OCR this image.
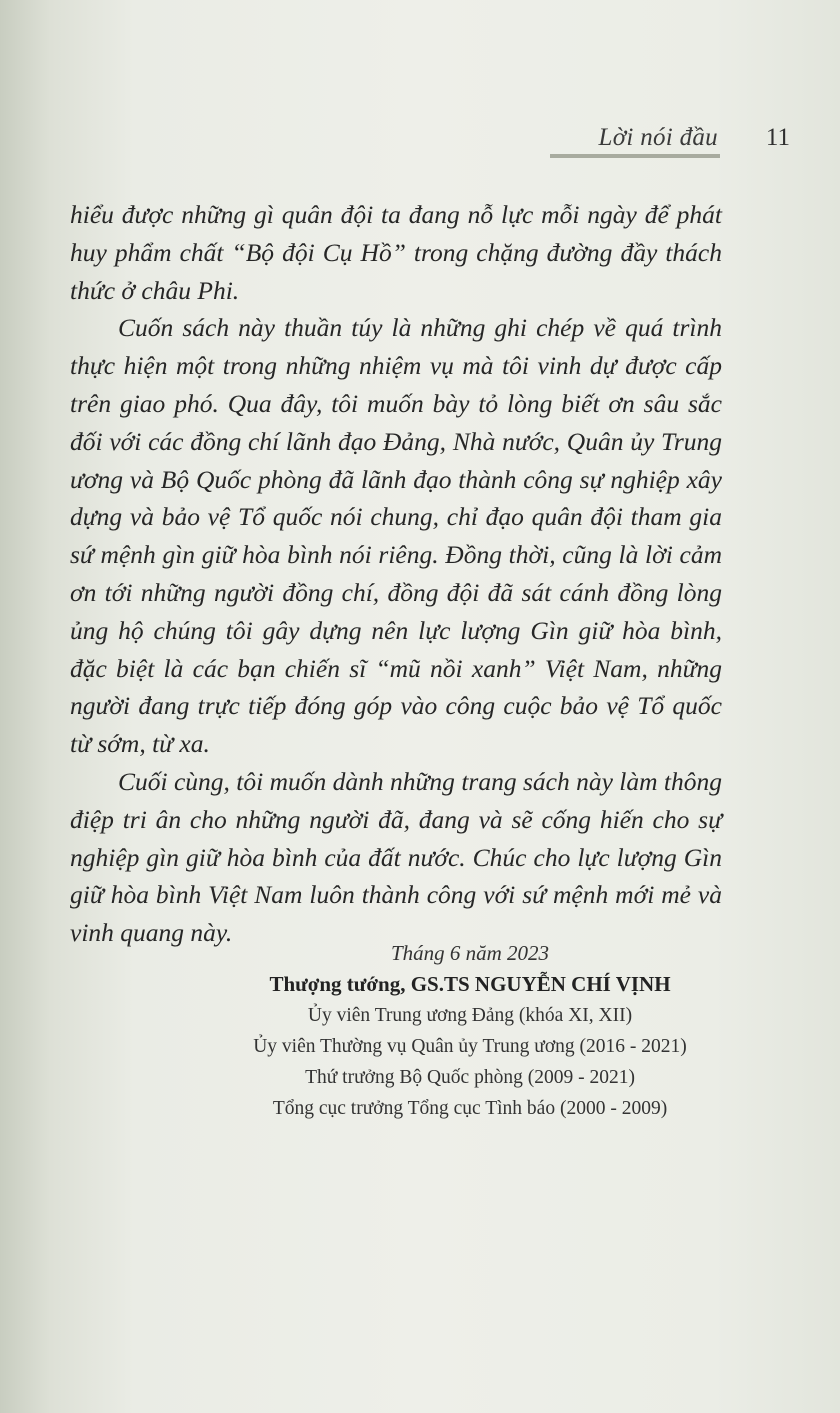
Lời nói đầu 11

hiểu được những gì quân đội ta đang nỗ lực mỗi ngày để phát huy phẩm chất “Bộ đội Cụ Hồ” trong chặng đường đầy thách thức ở châu Phi.

Cuốn sách này thuần túy là những ghi chép về quá trình thực hiện một trong những nhiệm vụ mà tôi vinh dự được cấp trên giao phó. Qua đây, tôi muốn bày tỏ lòng biết ơn sâu sắc đối với các đồng chí lãnh đạo Đảng, Nhà nước, Quân ủy Trung ương và Bộ Quốc phòng đã lãnh đạo thành công sự nghiệp xây dựng và bảo vệ Tổ quốc nói chung, chỉ đạo quân đội tham gia sứ mệnh gìn giữ hòa bình nói riêng. Đồng thời, cũng là lời cảm ơn tới những người đồng chí, đồng đội đã sát cánh đồng lòng ủng hộ chúng tôi gây dựng nên lực lượng Gìn giữ hòa bình, đặc biệt là các bạn chiến sĩ “mũ nồi xanh” Việt Nam, những người đang trực tiếp đóng góp vào công cuộc bảo vệ Tổ quốc từ sớm, từ xa.

Cuối cùng, tôi muốn dành những trang sách này làm thông điệp tri ân cho những người đã, đang và sẽ cống hiến cho sự nghiệp gìn giữ hòa bình của đất nước. Chúc cho lực lượng Gìn giữ hòa bình Việt Nam luôn thành công với sứ mệnh mới mẻ và vinh quang này.

Tháng 6 năm 2023
Thượng tướng, GS.TS NGUYỄN CHÍ VỊNH
Ủy viên Trung ương Đảng (khóa XI, XII)
Ủy viên Thường vụ Quân ủy Trung ương (2016 - 2021)
Thứ trưởng Bộ Quốc phòng (2009 - 2021)
Tổng cục trưởng Tổng cục Tình báo (2000 - 2009)
